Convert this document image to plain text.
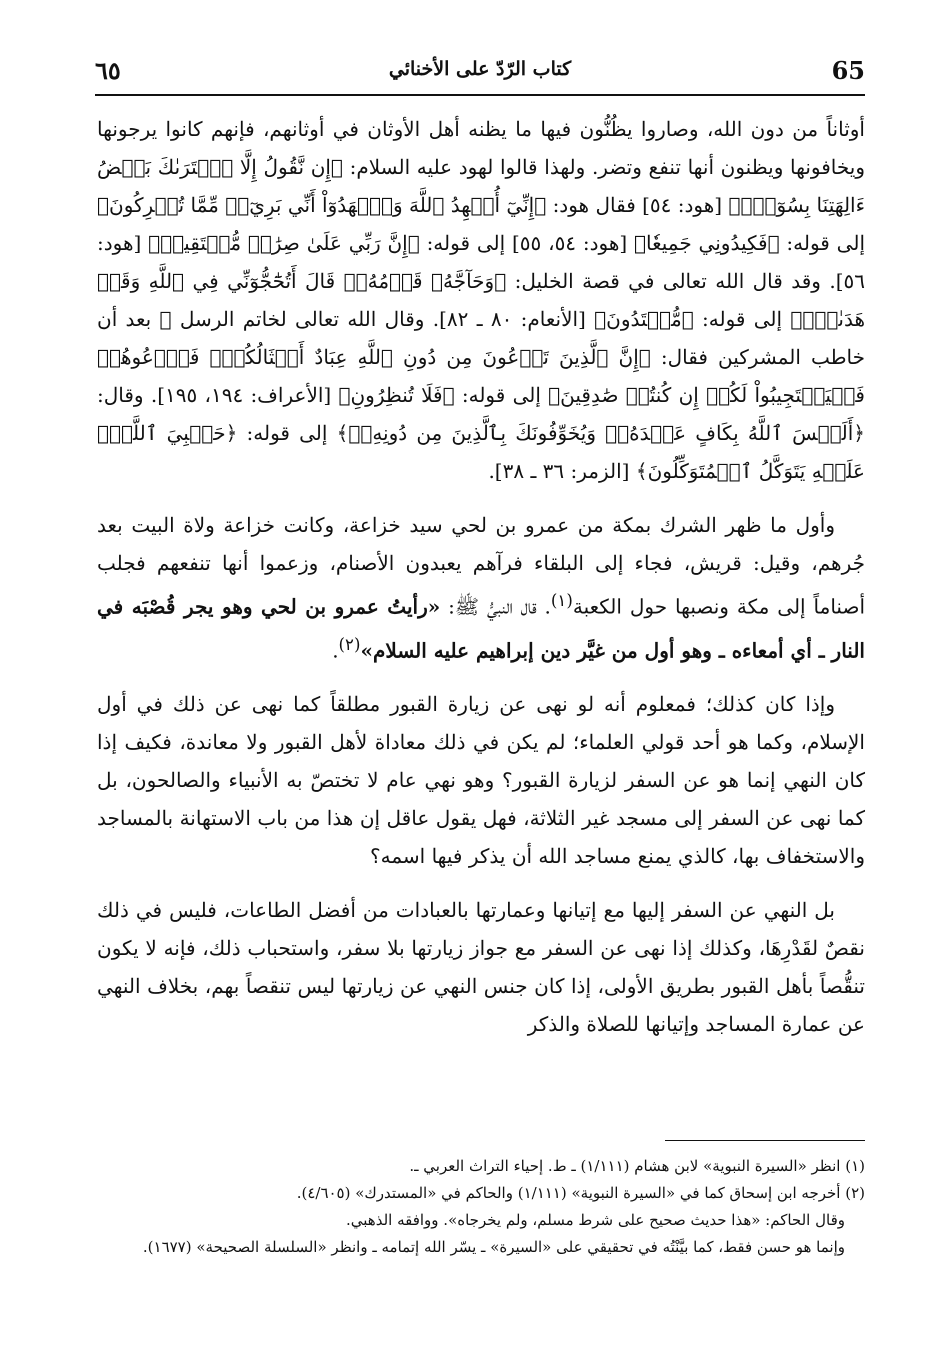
65
كتاب الرّدّ على الأخنائي
٦٥

أوثاناً من دون الله، وصاروا يظُنُّون فيها ما يظنه أهل الأوثان في أوثانهم، فإنهم كانوا يرجونها ويخافونها ويظنون أنها تنفع وتضر. ولهذا قالوا لهود عليه السلام: ﴿إِن نَّقُولُ إِلَّا ٱعۡتَرَىٰكَ بَعۡضُ ءَالِهَتِنَا بِسُوٓءٖۗ﴾ [هود: ٥٤] فقال هود: ﴿إِنِّيٓ أُشۡهِدُ ٱللَّهَ وَٱشۡهَدُوٓاْ أَنِّي بَرِيٓءٞ مِّمَّا تُشۡرِكُونَ﴾ إلى قوله: ﴿فَكِيدُونِي جَمِيعٗا﴾ [هود: ٥٤، ٥٥] إلى قوله: ﴿إِنَّ رَبِّي عَلَىٰ صِرَٰطٖ مُّسۡتَقِيمٖ﴾ [هود: ٥٦]. وقد قال الله تعالى في قصة الخليل: ﴿وَحَآجَّهُۥ قَوۡمُهُۥۚ قَالَ أَتُحَٰٓجُّوٓنِّي فِي ٱللَّهِ وَقَدۡ هَدَىٰنِۚ﴾ إلى قوله: ﴿مُّهۡتَدُونَ﴾ [الأنعام: ٨٠ ـ ٨٢]. وقال الله تعالى لخاتم الرسل ﷺ بعد أن خاطب المشركين فقال: ﴿إِنَّ ٱلَّذِينَ تَدۡعُونَ مِن دُونِ ٱللَّهِ عِبَادٌ أَمۡثَالُكُمۡۖ فَٱدۡعُوهُمۡ فَلۡيَسۡتَجِيبُواْ لَكُمۡ إِن كُنتُمۡ صَٰدِقِينَ﴾ إلى قوله: ﴿فَلَا تُنظِرُونِ﴾ [الأعراف: ١٩٤، ١٩٥]. وقال: ﴿أَلَيۡسَ ٱللَّهُ بِكَافٍ عَبۡدَهُۥۖ وَيُخَوِّفُونَكَ بِٱلَّذِينَ مِن دُونِهِۦۚ﴾ إلى قوله: ﴿حَسۡبِيَ ٱللَّهُۖ عَلَيۡهِ يَتَوَكَّلُ ٱلۡمُتَوَكِّلُونَ﴾ [الزمر: ٣٦ ـ ٣٨].

وأول ما ظهر الشرك بمكة من عمرو بن لحي سيد خزاعة، وكانت خزاعة ولاة البيت بعد جُرهم، وقيل: قريش، فجاء إلى البلقاء فرآهم يعبدون الأصنام، وزعموا أنها تنفعهم فجلب أصناماً إلى مكة ونصبها حول الكعبة$^{(١)}$. قال النبيُّ ﷺ: «رأيتُ عمرو بن لحي وهو يجر قُصْبَه في النار ـ أي أمعاءه ـ وهو أول من غيَّر دين إبراهيم عليه السلام»$^{(٢)}$.

وإذا كان كذلك؛ فمعلوم أنه لو نهى عن زيارة القبور مطلقاً كما نهى عن ذلك في أول الإسلام، وكما هو أحد قولي العلماء؛ لم يكن في ذلك معاداة لأهل القبور ولا معاندة، فكيف إذا كان النهي إنما هو عن السفر لزيارة القبور؟ وهو نهي عام لا تختصّ به الأنبياء والصالحون، بل كما نهى عن السفر إلى مسجد غير الثلاثة، فهل يقول عاقل إن هذا من باب الاستهانة بالمساجد والاستخفاف بها، كالذي يمنع مساجد الله أن يذكر فيها اسمه؟

بل النهي عن السفر إليها مع إتيانها وعمارتها بالعبادات من أفضل الطاعات، فليس في ذلك نقصٌ لقَدْرِهَا، وكذلك إذا نهى عن السفر مع جواز زيارتها بلا سفر، واستحباب ذلك، فإنه لا يكون تنقُّصاً بأهل القبور بطريق الأولى، إذا كان جنس النهي عن زيارتها ليس تنقصاً بهم، بخلاف النهي عن عمارة المساجد وإتيانها للصلاة والذكر

(١) انظر «السيرة النبوية» لابن هشام (١/١١١) ـ ط. إحياء التراث العربي ـ.

(٢) أخرجه ابن إسحاق كما في «السيرة النبوية» (١/١١١) والحاكم في «المستدرك» (٤/٦٠٥).

وقال الحاكم: «هذا حديث صحيح على شرط مسلم، ولم يخرجاه». ووافقه الذهبي.

وإنما هو حسن فقط، كما بيَّنْتُه في تحقيقي على «السيرة» ـ يسّر الله إتمامه ـ وانظر «السلسلة الصحيحة» (١٦٧٧).
